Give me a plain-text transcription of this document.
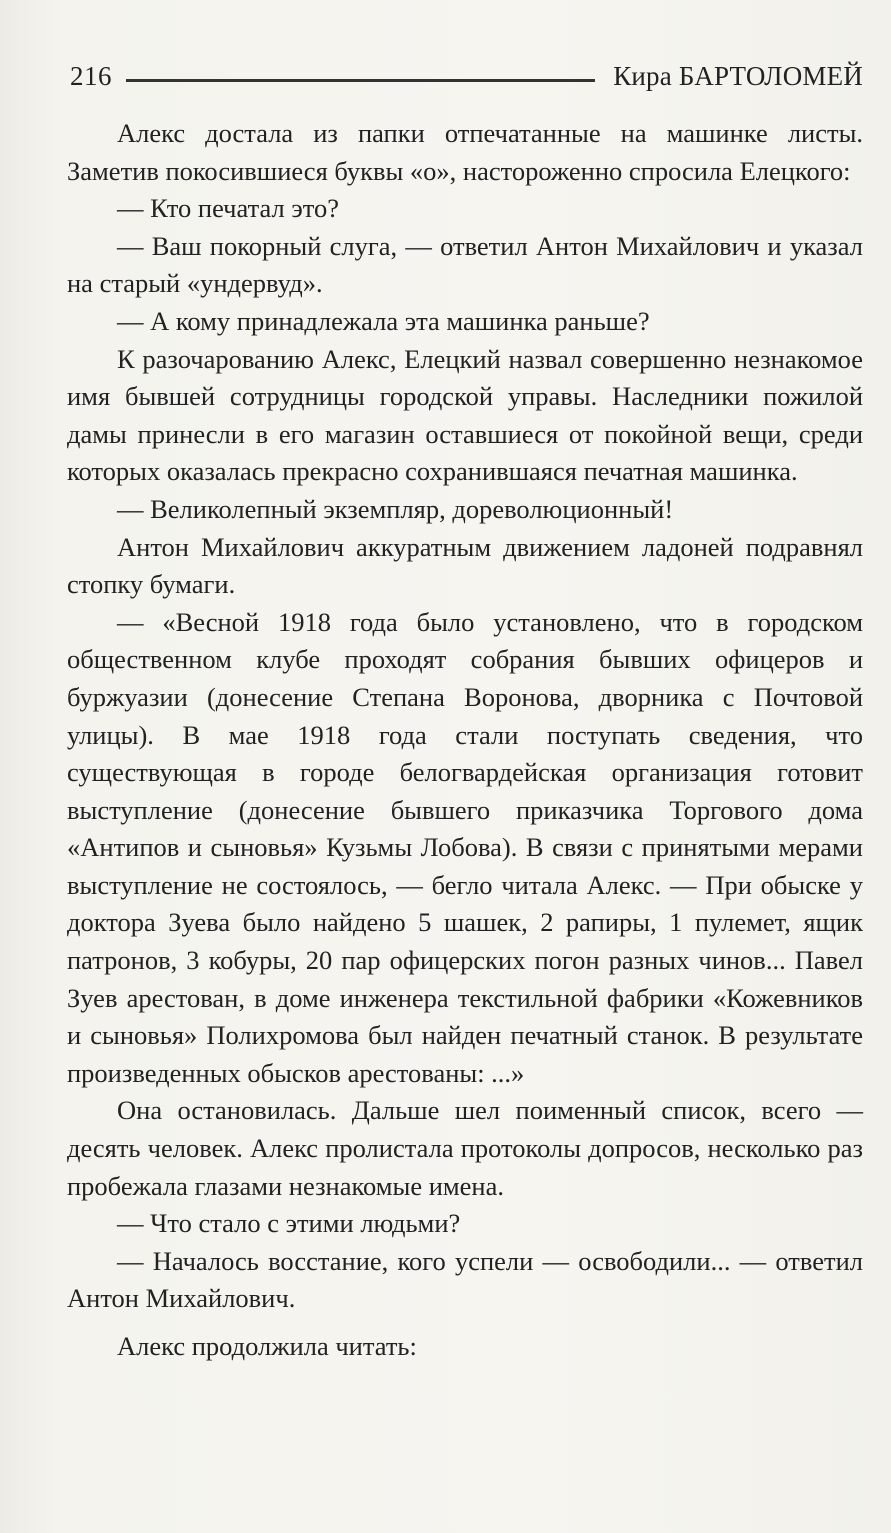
216	Кира БАРТОЛОМЕЙ

Алекс достала из папки отпечатанные на машинке листы. Заметив покосившиеся буквы «о», настороженно спросила Елецкого:

— Кто печатал это?

— Ваш покорный слуга, — ответил Антон Михайлович и указал на старый «ундервуд».

— А кому принадлежала эта машинка раньше?

К разочарованию Алекс, Елецкий назвал совершенно незнакомое имя бывшей сотрудницы городской управы. Наследники пожилой дамы принесли в его магазин оставшиеся от покойной вещи, среди которых оказалась прекрасно сохранившаяся печатная машинка.

— Великолепный экземпляр, дореволюционный!

Антон Михайлович аккуратным движением ладоней подравнял стопку бумаги.

— «Весной 1918 года было установлено, что в городском общественном клубе проходят собрания бывших офицеров и буржуазии (донесение Степана Воронова, дворника с Почтовой улицы). В мае 1918 года стали поступать сведения, что существующая в городе белогвардейская организация готовит выступление (донесение бывшего приказчика Торгового дома «Антипов и сыновья» Кузьмы Лобова). В связи с принятыми мерами выступление не состоялось, — бегло читала Алекс. — При обыске у доктора Зуева было найдено 5 шашек, 2 рапиры, 1 пулемет, ящик патронов, 3 кобуры, 20 пар офицерских погон разных чинов... Павел Зуев арестован, в доме инженера текстильной фабрики «Кожевников и сыновья» Полихромова был найден печатный станок. В результате произведенных обысков арестованы: ...»

Она остановилась. Дальше шел поименный список, всего — десять человек. Алекс пролистала протоколы допросов, несколько раз пробежала глазами незнакомые имена.

— Что стало с этими людьми?

— Началось восстание, кого успели — освободили... — ответил Антон Михайлович.

Алекс продолжила читать:
